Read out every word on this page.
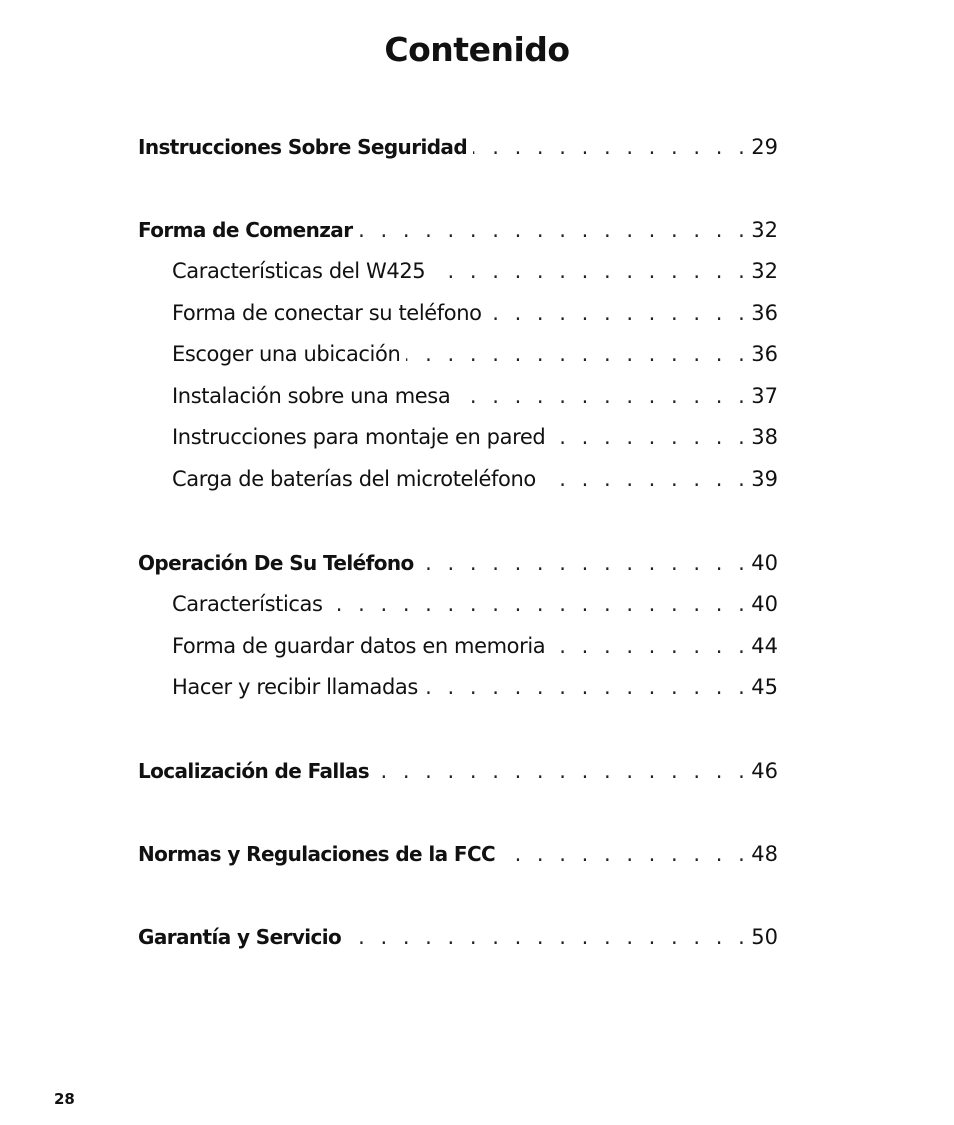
Contenido
Instrucciones Sobre Seguridad . . .	29
Forma de Comenzar . . .	32
Características del W425 . . .	32
Forma de conectar su teléfono . . .	36
Escoger una ubicación . . .	36
Instalación sobre una mesa . . .	37
Instrucciones para montaje en pared . . .	38
Carga de baterías del microteléfono . . .	39
Operación De Su Teléfono . . .	40
Características . . .	40
Forma de guardar datos en memoria . . .	44
Hacer y recibir llamadas . . .	45
Localización de Fallas . . .	46
Normas y Regulaciones de la FCC . . .	48
Garantía y Servicio . . .	50
28
